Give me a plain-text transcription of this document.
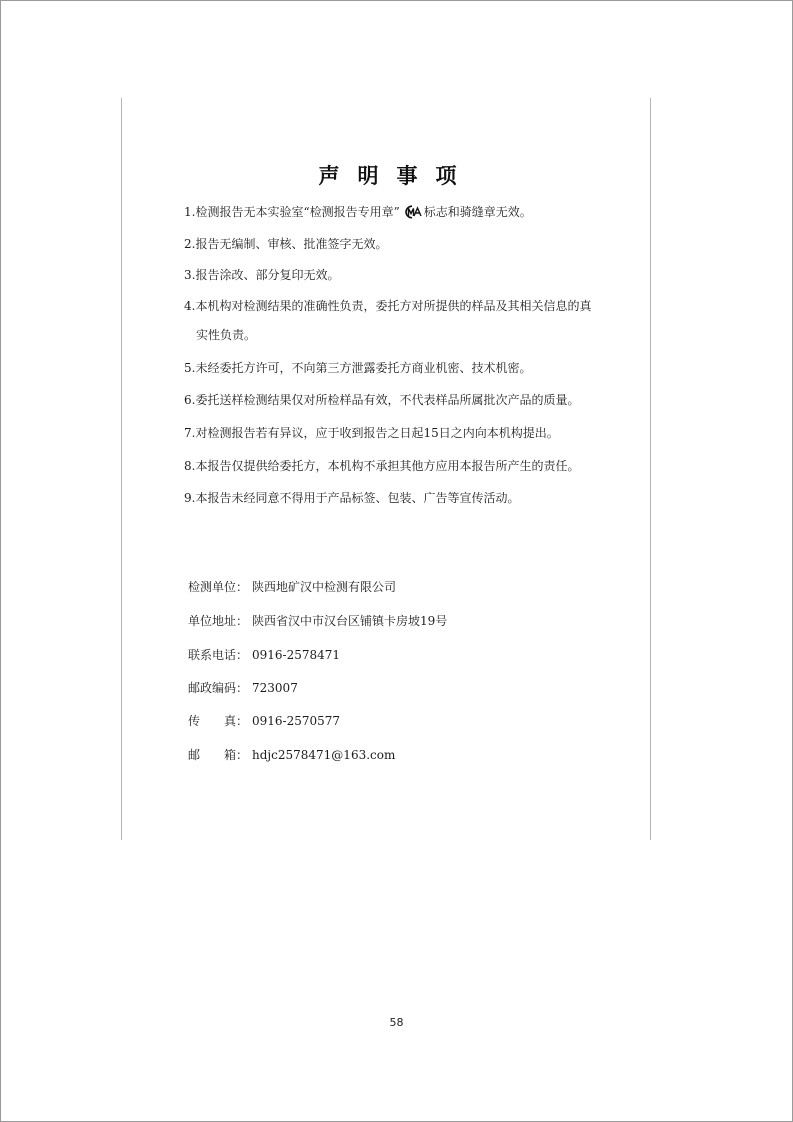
声明事项
1.检测报告无本实验室“检测报告专用章” 标志和骑缝章无效。
2.报告无编制、审核、批准签字无效。
3.报告涂改、部分复印无效。
4.本机构对检测结果的准确性负责，委托方对所提供的样品及其相关信息的真
实性负责。
5.未经委托方许可，不向第三方泄露委托方商业机密、技术机密。
6.委托送样检测结果仅对所检样品有效，不代表样品所属批次产品的质量。
7.对检测报告若有异议，应于收到报告之日起15日之内向本机构提出。
8.本报告仅提供给委托方，本机构不承担其他方应用本报告所产生的责任。
9.本报告未经同意不得用于产品标签、包装、广告等宣传活动。
检测单位： 陕西地矿汉中检测有限公司
单位地址： 陕西省汉中市汉台区铺镇卡房坡19号
联系电话： 0916-2578471
邮政编码： 723007
传　　真： 0916-2570577
邮　　箱： hdjc2578471@163.com
58
